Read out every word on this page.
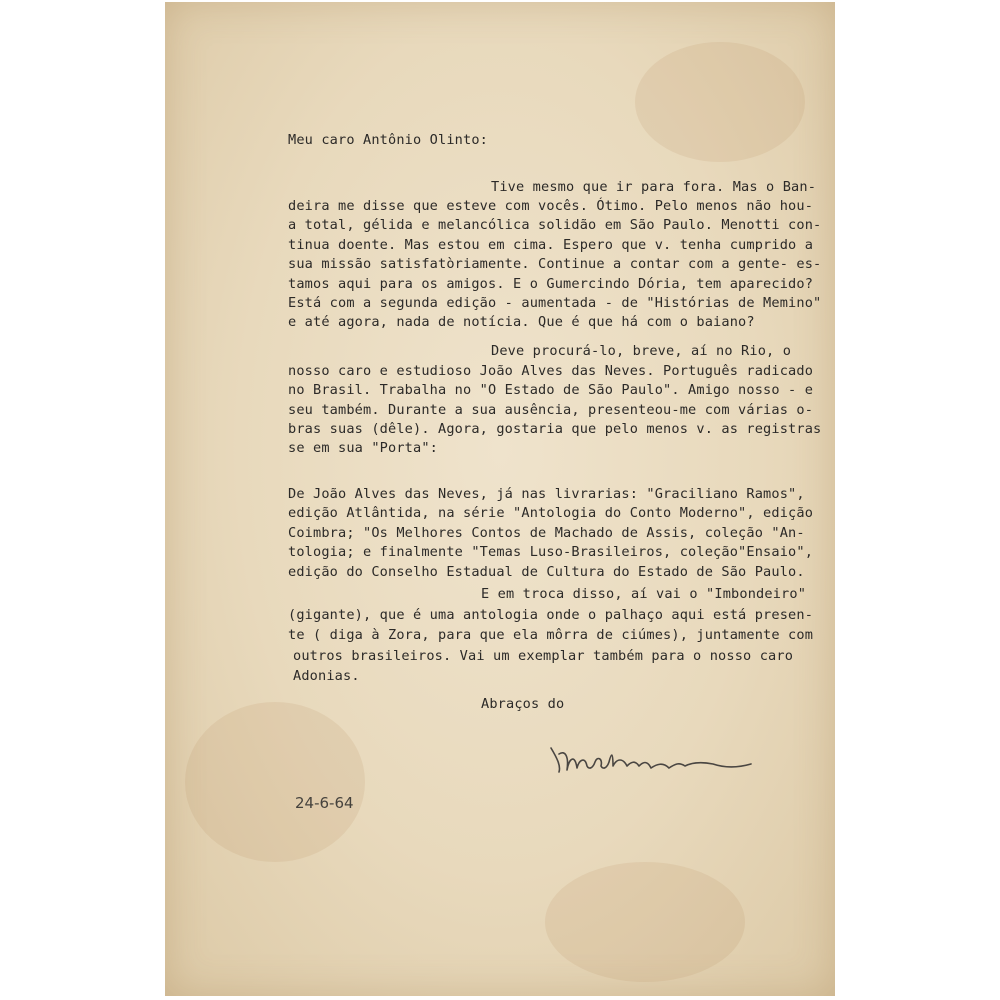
Meu caro Antônio Olinto:

Tive mesmo que ir para fora. Mas o Ban-

deira me disse que esteve com vocês. Ótimo. Pelo menos não hou-

a total, gélida e melancólica solidão em São Paulo. Menotti con-

tinua doente. Mas estou em cima. Espero que v. tenha cumprido a

sua missão satisfatòriamente. Continue a contar com a gente- es-

tamos aqui para os amigos. E o Gumercindo Dória, tem aparecido?

Está com a segunda edição - aumentada - de "Histórias de Memino"

e até agora, nada de notícia. Que é que há com o baiano?

Deve procurá-lo, breve, aí no Rio, o

nosso caro e estudioso João Alves das Neves. Português radicado

no Brasil. Trabalha no "O Estado de São Paulo". Amigo nosso - e

seu também. Durante a sua ausência, presenteou-me com várias o-

bras suas (dêle). Agora, gostaria que pelo menos v. as registras

se em sua "Porta":

De João Alves das Neves, já nas livrarias: "Graciliano Ramos",

edição Atlântida, na série "Antologia do Conto Moderno", edição

Coimbra; "Os Melhores Contos de Machado de Assis, coleção "An-

tologia; e finalmente "Temas Luso-Brasileiros, coleção"Ensaio",

edição do Conselho Estadual de Cultura do Estado de São Paulo.

E em troca disso, aí vai o "Imbondeiro"

(gigante), que é uma antologia onde o palhaço aqui está presen-

te ( diga à Zora, para que ela môrra de ciúmes), juntamente com

outros brasileiros. Vai um exemplar também para o nosso caro

Adonias.

Abraços do

24-6-64
